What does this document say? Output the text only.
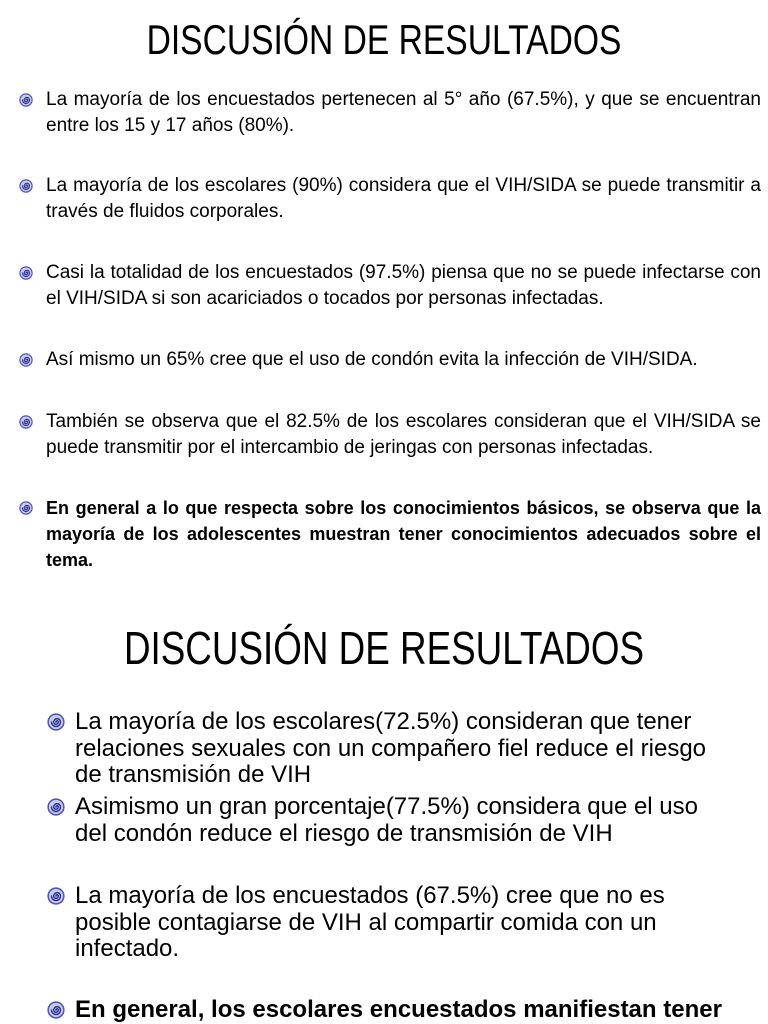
DISCUSIÓN DE RESULTADOS

La mayoría de los encuestados pertenecen al 5° año (67.5%), y que se encuentran entre los 15 y 17 años (80%).

La mayoría de los escolares (90%) considera que el VIH/SIDA se puede transmitir a través de fluidos corporales.

Casi la totalidad de los encuestados (97.5%) piensa que no se puede infectarse con el VIH/SIDA si son acariciados o tocados por personas infectadas.

Así mismo un 65% cree que el uso de condón evita la infección de VIH/SIDA.

También se observa que el 82.5% de los escolares consideran que el VIH/SIDA se puede transmitir por el intercambio de jeringas con personas infectadas.

En general a lo que respecta sobre los conocimientos básicos, se observa que la mayoría de los adolescentes muestran tener conocimientos adecuados sobre el tema.

DISCUSIÓN DE RESULTADOS

La mayoría de los escolares(72.5%) consideran que tener relaciones sexuales con un compañero fiel reduce el riesgo de transmisión de VIH

Asimismo un gran porcentaje(77.5%) considera que el uso del condón reduce el riesgo de transmisión de VIH

La mayoría de los encuestados (67.5%) cree que no es posible contagiarse de VIH al compartir comida con un infectado.

En general, los escolares encuestados manifiestan tener
